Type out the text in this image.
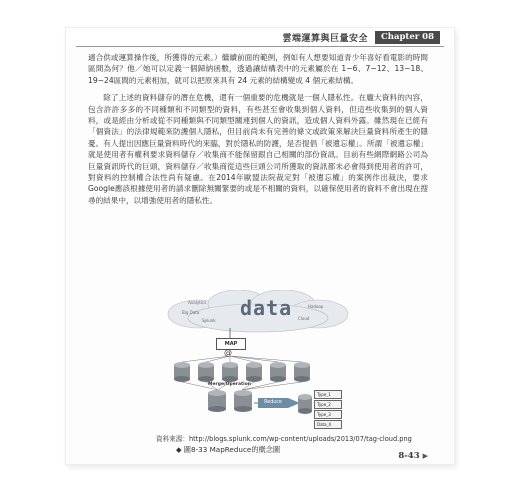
雲端運算與巨量安全	Chapter 08

適合供或運算操作後，所獲得的元素。）繼續前面的範例，例如有人想要知道青少年喜好看電影的時間區間為何？他／她可以定義一個歸納函數，透過讓結構表中的元素屬於在 1~6、7~12、13~18、19~24區間的元素相加，就可以把原來具有 24 元素的結構變成 4 個元素結構。

除了上述的資料儲存的潛在危機，還有一個重要的危機就是一個人隱私性。在龐大資料的內容，包含許許多多的不同種類和不同類型的資料，有些甚至會收集到個人資料，但這些收集到的個人資料，或是經由分析或從不同種類與不同類型關連到個人的資訊，造成個人資料外露。雖然現在已經有「個資法」的法律規範來防護個人隱私，但目前尚未有完善的條文或政策來解決巨量資料所產生的隱憂。有人提出因應巨量資料時代的來臨，對於隱私的防護，是否提倡「被遺忘權」。所謂「被遺忘權」就是使用者有權利要求資料儲存／收集商不能保留跟自己相關的部份資訊。目前有些網際網路公司為巨量資訊時代的巨頭，資料儲存／收集商從這些巨頭公司所獲取的資訊都未必會得到使用者的許可，對資料的控制權合法性尚有疑慮。在2014年歐盟法院裁定對「被遺忘權」的案例作出裁決，要求Google應該根據使用者的請求刪除無關緊要的或是不相關的資料，以確保使用者的資料不會出現在搜尋的結果中，以增強使用者的隱私性。

data
Analytics
Big Data
Splunk
Hadoop
Cloud
MAP
@
Merge/Operation
Reduce
Type_1
Type_2
Type_3
Data_X
資料來源：http://blogs.splunk.com/wp-content/uploads/2013/07/tag-cloud.png
◆ 圖8-33 MapReduce的概念圖
8-43 ▶
